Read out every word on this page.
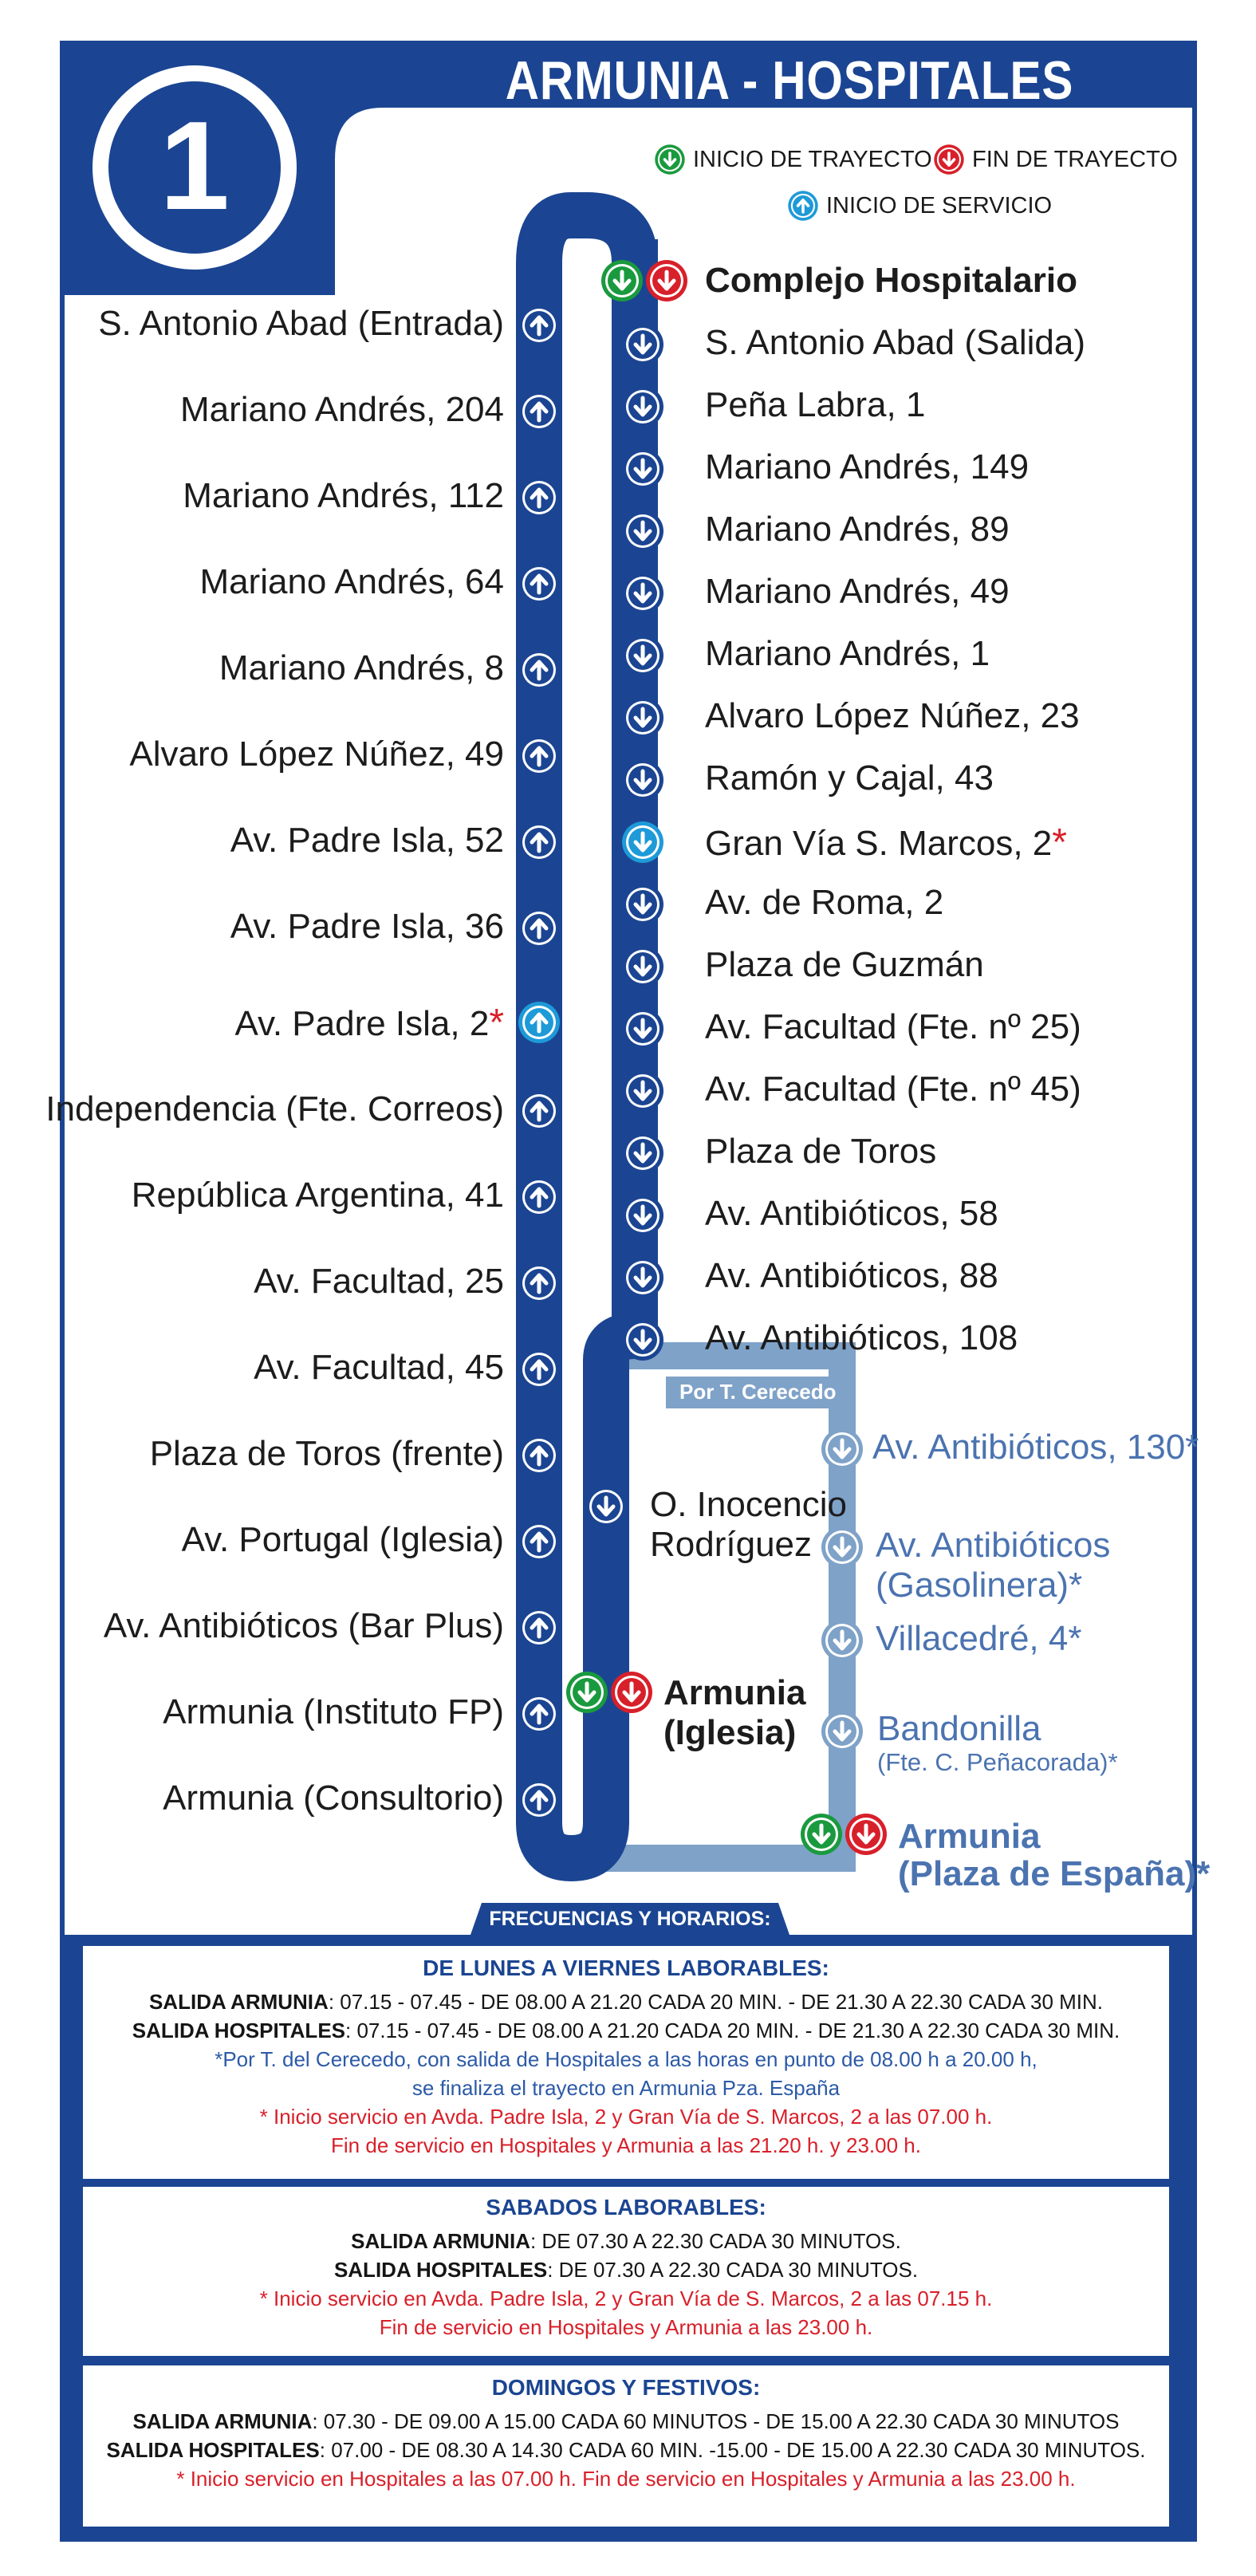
1
ARMUNIA - HOSPITALES
INICIO DE TRAYECTO FIN DE TRAYECTO
INICIO DE SERVICIO
S. Antonio Abad (Entrada)
Mariano Andrés, 204
Mariano Andrés, 112
Mariano Andrés, 64
Mariano Andrés, 8
Alvaro López Núñez, 49
Av. Padre Isla, 52
Av. Padre Isla, 36
Av. Padre Isla, 2*
Independencia (Fte. Correos)
República Argentina, 41
Av. Facultad, 25
Av. Facultad, 45
Plaza de Toros (frente)
Av. Portugal (Iglesia)
Av. Antibióticos (Bar Plus)
Armunia (Instituto FP)
Armunia (Consultorio)
Complejo Hospitalario
S. Antonio Abad (Salida)
Peña Labra, 1
Mariano Andrés, 149
Mariano Andrés, 89
Mariano Andrés, 49
Mariano Andrés, 1
Alvaro López Núñez, 23
Ramón y Cajal, 43
Gran Vía S. Marcos, 2*
Av. de Roma, 2
Plaza de Guzmán
Av. Facultad (Fte. nº 25)
Av. Facultad (Fte. nº 45)
Plaza de Toros
Av. Antibióticos, 58
Av. Antibióticos, 88
Av. Antibióticos, 108
O. Inocencio
Rodríguez
Armunia
(Iglesia)
Por T. Cerecedo
Av. Antibióticos, 130*
Av. Antibióticos
(Gasolinera)*
Villacedré, 4*
Bandonilla
(Fte. C. Peñacorada)*
Armunia
(Plaza de España)*
FRECUENCIAS Y HORARIOS:
DE LUNES A VIERNES LABORABLES:
SALIDA ARMUNIA: 07.15 - 07.45 - DE 08.00 A 21.20 CADA 20 MIN. - DE 21.30 A 22.30 CADA 30 MIN.
SALIDA HOSPITALES: 07.15 - 07.45 - DE 08.00 A 21.20 CADA 20 MIN. - DE 21.30 A 22.30 CADA 30 MIN.
*Por T. del Cerecedo, con salida de Hospitales a las horas en punto de 08.00 h a 20.00 h,
se finaliza el trayecto en Armunia Pza. España
* Inicio servicio en Avda. Padre Isla, 2 y Gran Vía de S. Marcos, 2 a las 07.00 h.
Fin de servicio en Hospitales y Armunia a las 21.20 h. y 23.00 h.
SABADOS LABORABLES:
SALIDA ARMUNIA: DE 07.30 A 22.30 CADA 30 MINUTOS.
SALIDA HOSPITALES: DE 07.30 A 22.30 CADA 30 MINUTOS.
* Inicio servicio en Avda. Padre Isla, 2 y Gran Vía de S. Marcos, 2 a las 07.15 h.
Fin de servicio en Hospitales y Armunia a las 23.00 h.
DOMINGOS Y FESTIVOS:
SALIDA ARMUNIA: 07.30 - DE 09.00 A 15.00 CADA 60 MINUTOS - DE 15.00 A 22.30 CADA 30 MINUTOS
SALIDA HOSPITALES: 07.00 - DE 08.30 A 14.30 CADA 60 MIN. -15.00 - DE 15.00 A 22.30 CADA 30 MINUTOS.
* Inicio servicio en Hospitales a las 07.00 h. Fin de servicio en Hospitales y Armunia a las 23.00 h.
